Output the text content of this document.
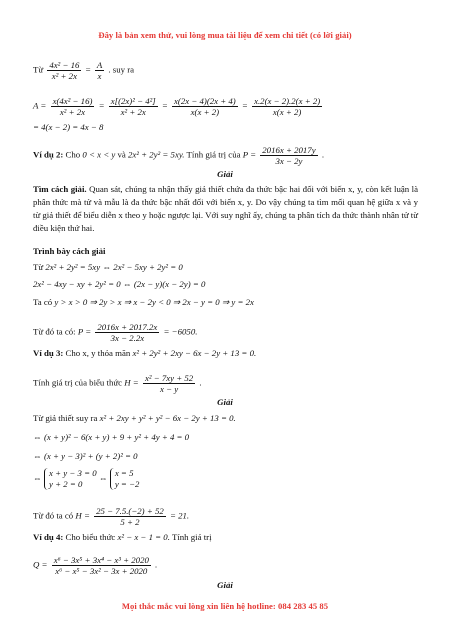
Đây là bản xem thử, vui lòng mua tài liệu để xem chi tiết (có lời giải)
Từ $\frac{\text{4x² − 16}}{\text{x² + 2x}} = \frac{A}{x}$ . suy ra
$A = \frac{\text{x(4x² − 16)}}{\text{x² + 2x}} = \frac{\text{x[(2x)² − 4²]}}{\text{x² + 2x}} = \frac{x(2x - 4)(2x + 4)}{x(x + 2)} = \frac{x.2(x - 2).2(x + 2)}{x(x + 2)}$
= 4(x − 2) = 4x − 8
Ví dụ 2: Cho 0 < x < y và 2x² + 2y² = 5xy. Tính giá trị của $P = \frac{2016x + 2017y}{3x - 2y}$ .
Giải
Tìm cách giải. Quan sát, chúng ta nhận thấy giả thiết chứa đa thức bậc hai đối với biến x, y, còn kết luận là phân thức mà tử và mẫu là đa thức bậc nhất đối với biến x, y. Do vậy chúng ta tìm mối quan hệ giữa x và y từ giả thiết để biểu diễn x theo y hoặc ngược lại. Với suy nghĩ ấy, chúng ta phân tích đa thức thành nhân tử từ điều kiện thứ hai.
Trình bày cách giải
Từ 2x² + 2y² = 5xy ⇔ 2x² − 5xy + 2y² = 0
2x² − 4xy − xy + 2y² = 0 ⇔ (2x − y)(x − 2y) = 0
Ta có y > x > 0 ⇒ 2y > x ⇒ x − 2y < 0 ⇒ 2x − y = 0 ⇒ y = 2x
Từ đó ta có: $P = \frac{2016x + 2017.2x}{3x - 2.2x} = -6050$.
Ví dụ 3: Cho x, y thỏa mãn x² + 2y² + 2xy − 6x − 2y + 13 = 0.
Tính giá trị của biểu thức $H = \frac{\text{x² − 7xy + 52}}{x - y}$ .
Giải
Từ giả thiết suy ra x² + 2xy + y² + y² − 6x − 2y + 13 = 0.
⇔ (x + y)² − 6(x + y) + 9 + y² + 4y + 4 = 0
⇔ (x + y − 3)² + (y + 2)² = 0
⇔
x + y − 3 = 0
y + 2 = 0
⇔
x = 5
y = −2
Từ đó ta có $H = \frac{25 - 7.5.(-2) + 52}{5 + 2} = 21$.
Ví dụ 4: Cho biểu thức x² − x − 1 = 0. Tính giá trị
$Q = \frac{\text{x⁶ − 3x⁵ + 3x⁴ − x³ + 2020}}{\text{x⁶ − x⁵ − 3x² − 3x + 2020}}$ .
Giải
Mọi thắc mắc vui lòng xin liên hệ hotline: 084 283 45 85
